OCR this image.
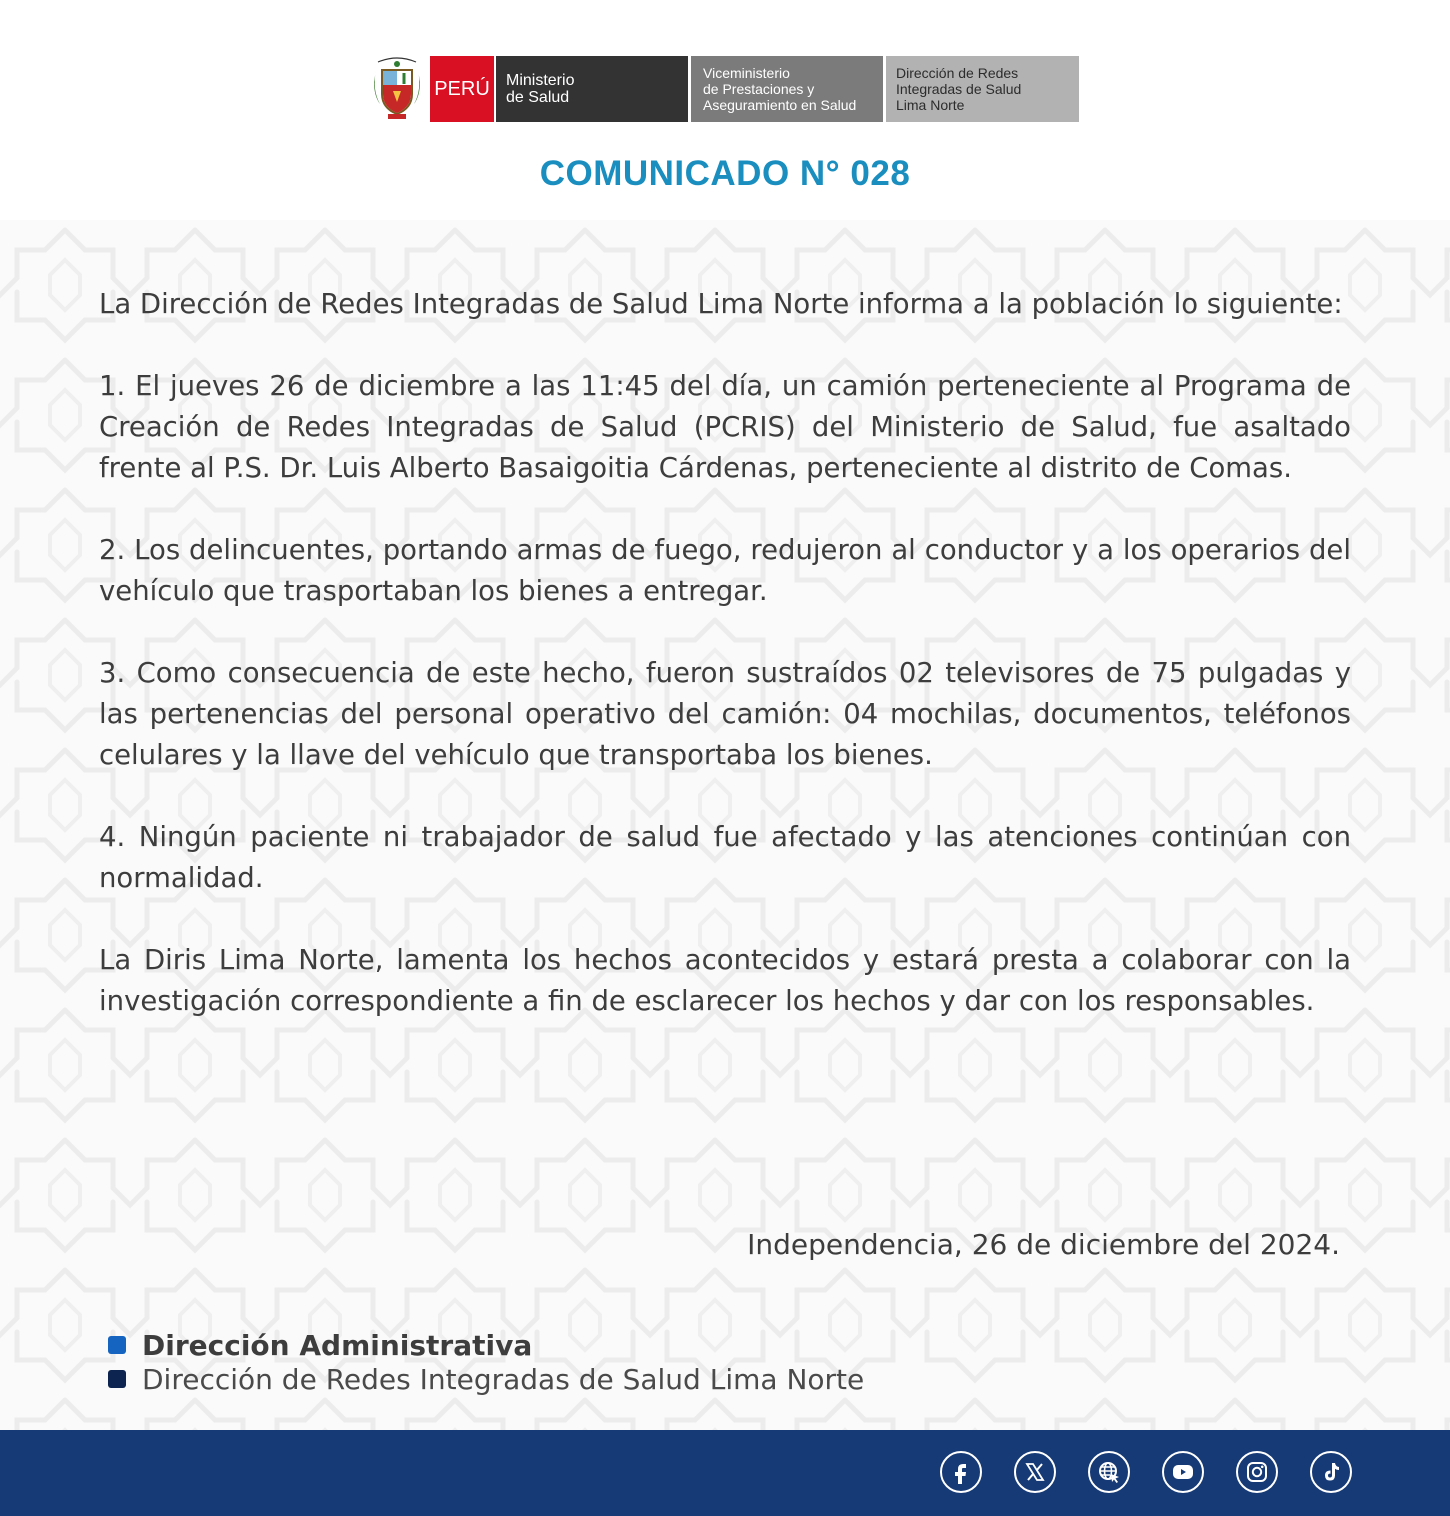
PERÚ Ministerio
de Salud
Viceministerio
de Prestaciones y
Aseguramiento en Salud
Dirección de Redes
Integradas de Salud
Lima Norte
COMUNICADO N° 028

La Dirección de Redes Integradas de Salud Lima Norte informa a la población lo siguiente:

1. El jueves 26 de diciembre a las 11:45 del día, un camión perteneciente al Programa de Creación de Redes Integradas de Salud (PCRIS) del Ministerio de Salud, fue asaltado frente al P.S. Dr. Luis Alberto Basaigoitia Cárdenas, perteneciente al distrito de Comas.

2. Los delincuentes, portando armas de fuego, redujeron al conductor y a los operarios del vehículo que trasportaban los bienes a entregar.

3. Como consecuencia de este hecho, fueron sustraídos 02 televisores de 75 pulgadas y las pertenencias del personal operativo del camión: 04 mochilas, documentos, teléfonos celulares y la llave del vehículo que transportaba los bienes.

4. Ningún paciente ni trabajador de salud fue afectado y las atenciones continúan con normalidad.

La Diris Lima Norte, lamenta los hechos acontecidos y estará presta a colaborar con la investigación correspondiente a fin de esclarecer los hechos y dar con los responsables.

Independencia, 26 de diciembre del 2024.
Dirección Administrativa
Dirección de Redes Integradas de Salud Lima Norte
